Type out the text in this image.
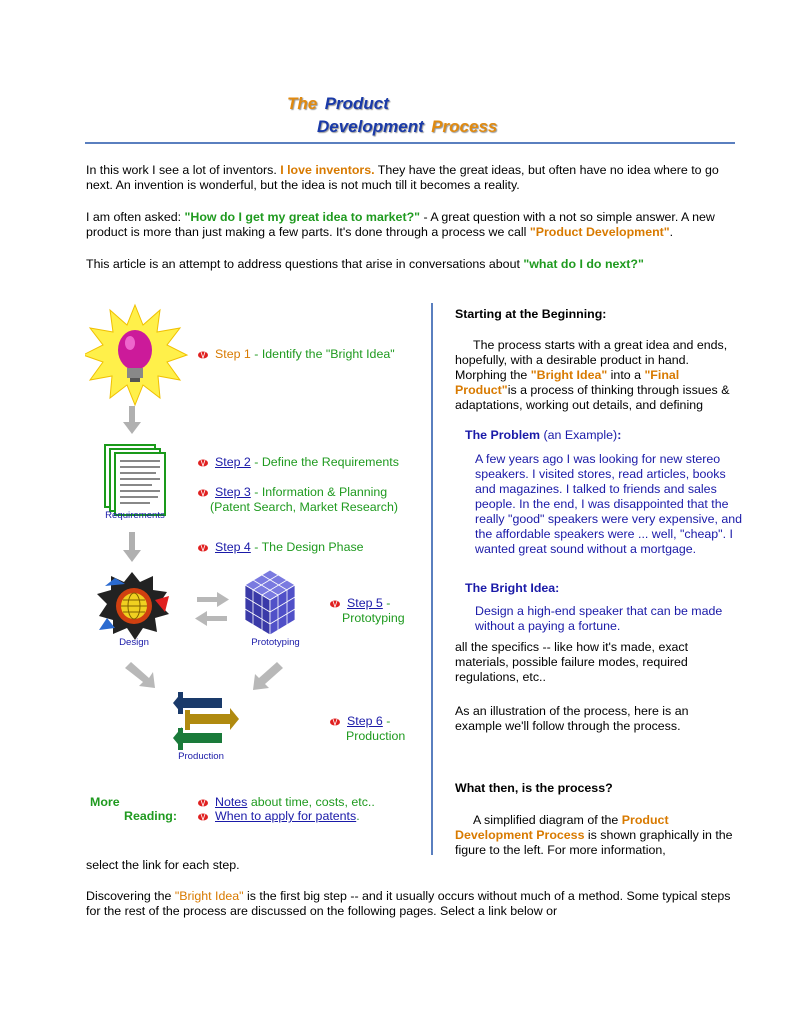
The Product
Development Process
In this work I see a lot of inventors. I love inventors. They have the great ideas, but often have no idea where to go next. An invention is wonderful, but the idea is not much till it becomes a reality.
I am often asked: "How do I get my great idea to market?" - A great question with a not so simple answer. A new product is more than just making a few parts. It's done through a process we call "Product Development".
This article is an attempt to address questions that arise in conversations about "what do I do next?"
Requirements
Design	Prototyping
Production
Step 1 - Identify the "Bright Idea"
Step 2 - Define the Requirements
Step 3 - Information & Planning
(Patent Search, Market Research)
Step 4 - The Design Phase
Step 5 -
Prototyping
Step 6 -
Production
More
Reading:
Notes about time, costs, etc..
When to apply for patents.
Starting at the Beginning:
The process starts with a great idea and ends, hopefully, with a desirable product in hand. Morphing the "Bright Idea" into a "Final Product"is a process of thinking through issues & adaptations, working out details, and defining
The Problem (an Example):
A few years ago I was looking for new stereo speakers. I visited stores, read articles, books and magazines. I talked to friends and sales people. In the end, I was disappointed that the really "good" speakers were very expensive, and the affordable speakers were ... well, "cheap". I wanted great sound without a mortgage.
The Bright Idea:
Design a high-end speaker that can be made without a paying a fortune.
all the specifics -- like how it's made, exact materials, possible failure modes, required regulations, etc..
As an illustration of the process, here is an example we'll follow through the process.
What then, is the process?
A simplified diagram of the Product Development Process is shown graphically in the figure to the left. For more information,
select the link for each step.
Discovering the "Bright Idea" is the first big step -- and it usually occurs without much of a method. Some typical steps for the rest of the process are discussed on the following pages. Select a link below or
